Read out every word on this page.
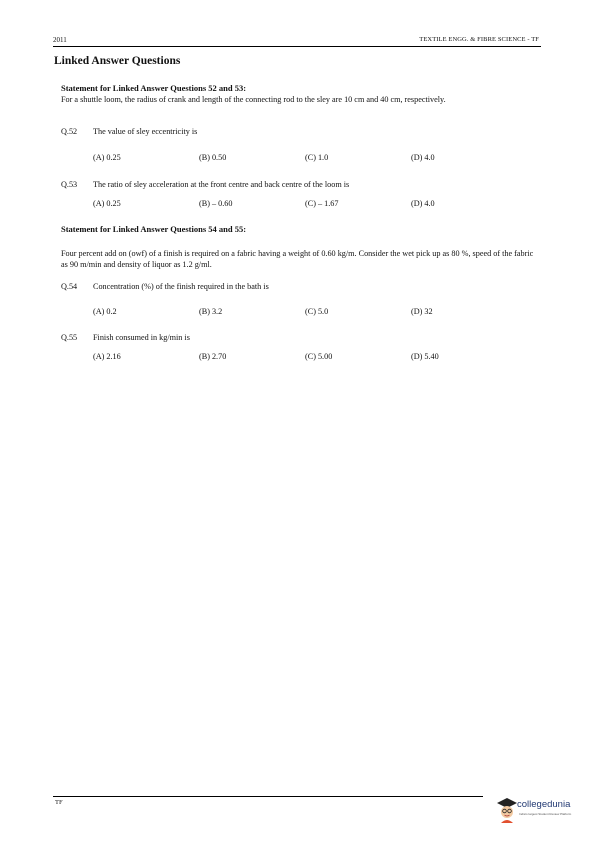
2011	TEXTILE ENGG. & FIBRE SCIENCE - TF
Linked Answer Questions
Statement for Linked Answer Questions 52 and 53:
For a shuttle loom, the radius of crank and length of the connecting rod to the sley are 10 cm and 40 cm, respectively.
Q.52 The value of sley eccentricity is
(A) 0.25	(B) 0.50	(C) 1.0	(D) 4.0
Q.53 The ratio of sley acceleration at the front centre and back centre of the loom is
(A) 0.25	(B) – 0.60	(C) – 1.67	(D) 4.0
Statement for Linked Answer Questions 54 and 55:
Four percent add on (owf) of a finish is required on a fabric having a weight of 0.60 kg/m. Consider the wet pick up as 80 %, speed of the fabric as 90 m/min and density of liquor as 1.2 g/ml.
Q.54 Concentration (%) of the finish required in the bath is
(A) 0.2	(B) 3.2	(C) 5.0	(D) 32
Q.55 Finish consumed in kg/min is
(A) 2.16	(B) 2.70	(C) 5.00	(D) 5.40
TF	collegedunia
India's largest Student Review Platform
